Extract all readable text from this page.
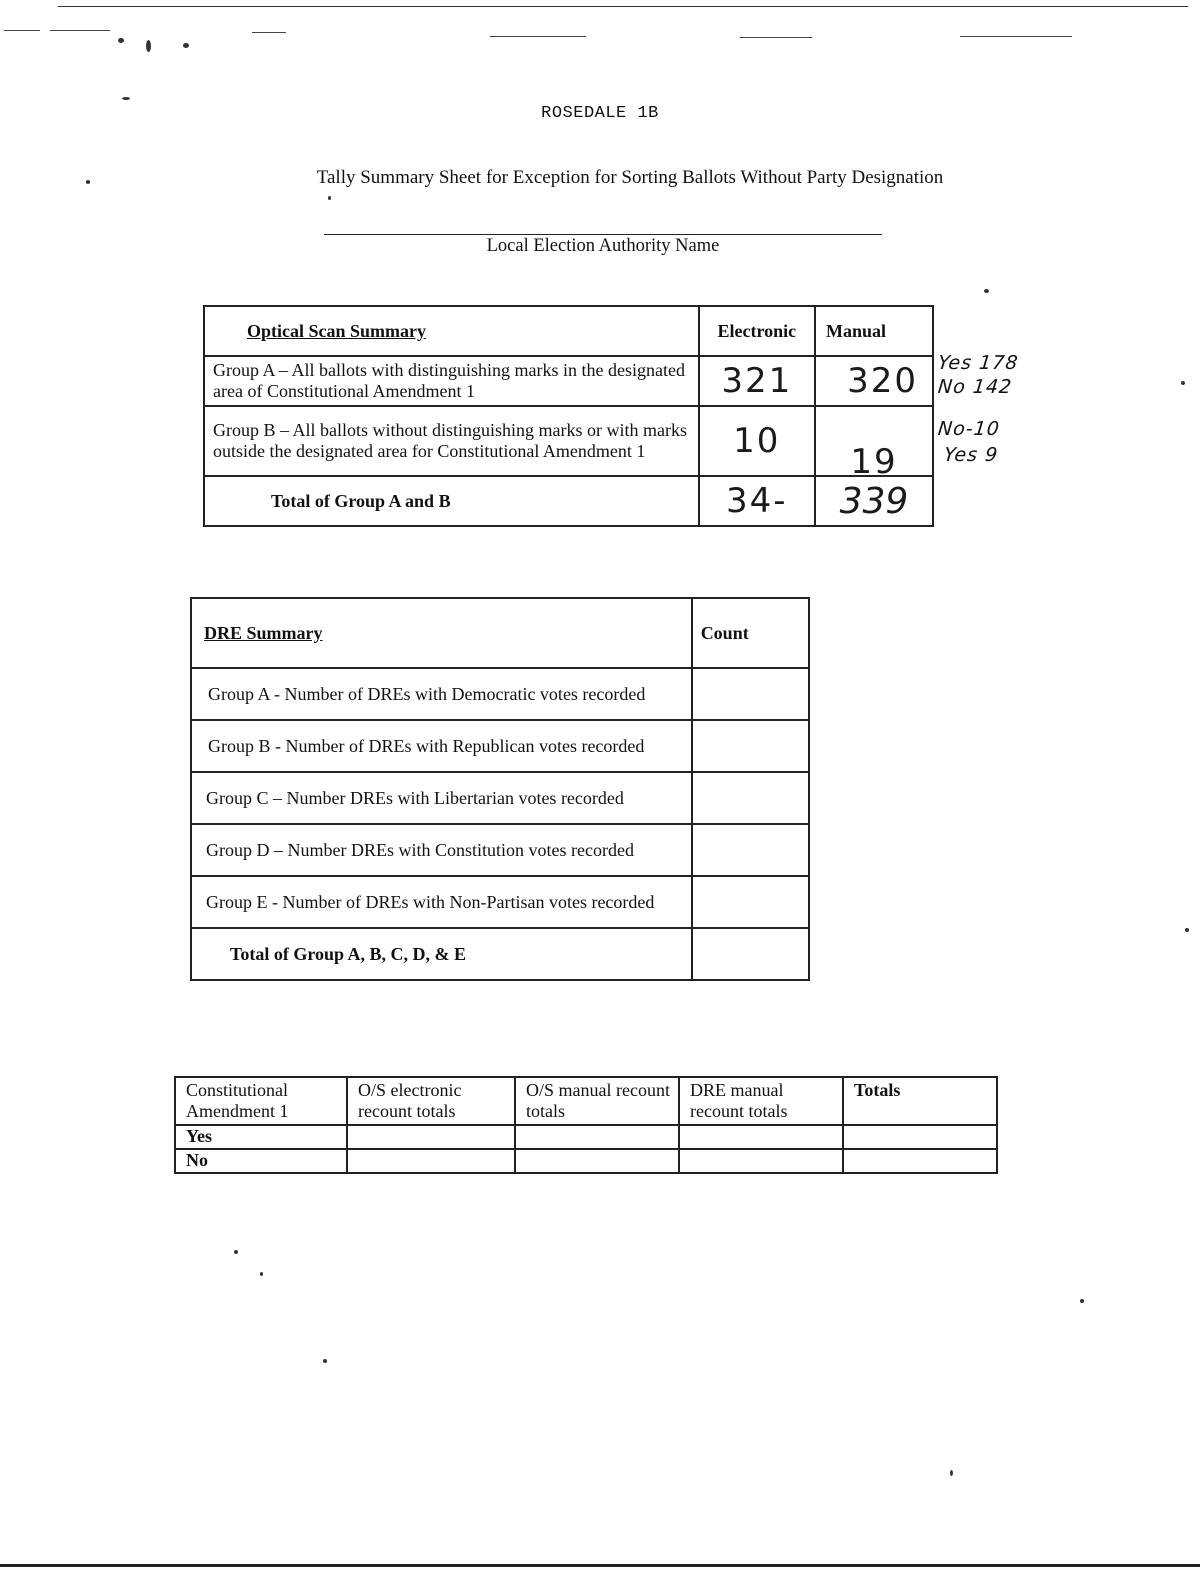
ROSEDALE 1B
Tally Summary Sheet for Exception for Sorting Ballots Without Party Designation
Local Election Authority Name
Optical Scan Summary	Electronic	Manual
Group A – All ballots with distinguishing marks in the designated area of Constitutional Amendment 1	321	320
Group B – All ballots without distinguishing marks or with marks outside the designated area for Constitutional Amendment 1	10	19
Total of Group A and B	34-	339
Yes 178
No 142
No-10
Yes 9
DRE Summary	Count
Group A - Number of DREs with Democratic votes recorded	
Group B - Number of DREs with Republican votes recorded	
Group C – Number DREs with Libertarian votes recorded	
Group D – Number DREs with Constitution votes recorded	
Group E - Number of DREs with Non-Partisan votes recorded	
Total of Group A, B, C, D, & E	
Constitutional Amendment 1	O/S electronic recount totals	O/S manual recount totals	DRE manual recount totals	Totals
Yes				
No				
